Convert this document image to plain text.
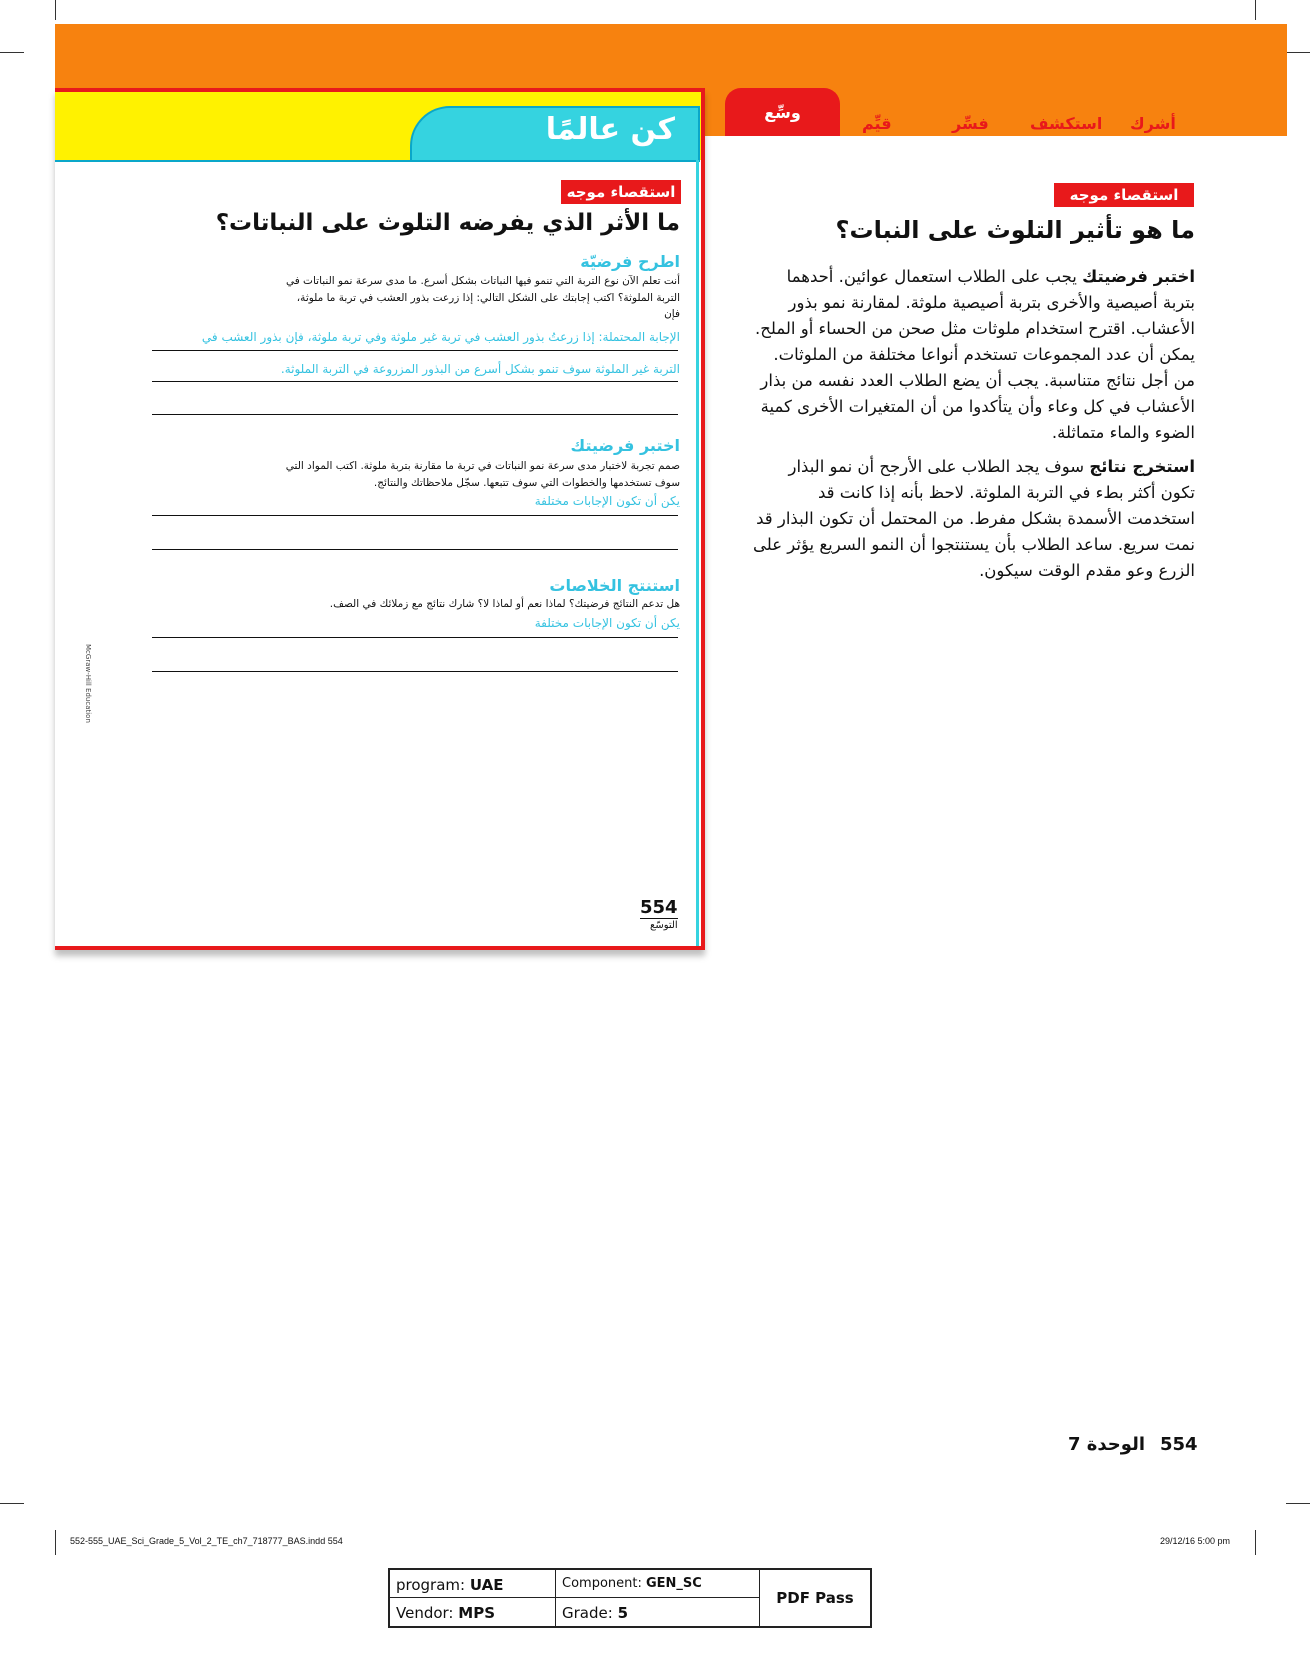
وسِّع
قيِّم	فسِّر	استكشف أشرك
كن عالمًا
استقصاء موجه
ما الأثر الذي يفرضه التلوث على النباتات؟
اطرح فرضيّة
أنت تعلم الآن نوع التربة التي تنمو فيها النباتات بشكل أسرع. ما مدى سرعة نمو النباتات في
التربة الملوثة؟ اكتب إجابتك على الشكل التالي: إذا زرعت بذور العشب في تربة ما ملوثة،
فإن
الإجابة المحتملة: إذا زرعتُ بذور العشب في تربة غير ملوثة وفي تربة ملوثة، فإن بذور العشب في
التربة غير الملوثة سوف تنمو بشكل أسرع من البذور المزروعة في التربة الملوثة.
اختبر فرضيتك
صمم تجربة لاختبار مدى سرعة نمو النباتات في تربة ما مقارنة بتربة ملوثة. اكتب المواد التي
سوف تستخدمها والخطوات التي سوف تتبعها. سجّل ملاحظاتك والنتائج.
يكن أن تكون الإجابات مختلفة
استنتج الخلاصات
هل تدعم النتائج فرضيتك؟ لماذا نعم أو لماذا لا؟ شارك نتائج مع زملائك في الصف.
يكن أن تكون الإجابات مختلفة
554
التوسّع
McGraw-Hill Education
استقصاء موجه
ما هو تأثير التلوث على النبات؟

اختبر فرضيتك يجب على الطلاب استعمال عوائين. أحدهما بتربة أصيصية والأخرى بتربة أصيصية ملوثة. لمقارنة نمو بذور الأعشاب. اقترح استخدام ملوثات مثل صحن من الحساء أو الملح. يمكن أن عدد المجموعات تستخدم أنواعا مختلفة من الملوثات. من أجل نتائج متناسبة. يجب أن يضع الطلاب العدد نفسه من بذار الأعشاب في كل وعاء وأن يتأكدوا من أن المتغيرات الأخرى كمية الضوء والماء متماثلة.

استخرج نتائج سوف يجد الطلاب على الأرجح أن نمو البذار تكون أكثر بطء في التربة الملوثة. لاحظ بأنه إذا كانت قد استخدمت الأسمدة بشكل مفرط. من المحتمل أن تكون البذار قد نمت سريع. ساعد الطلاب بأن يستنتجوا أن النمو السريع يؤثر على الزرع وعو مقدم الوقت سيكون.

554
الوحدة 7
552-555_UAE_Sci_Grade_5_Vol_2_TE_ch7_718777_BAS.indd 554	29/12/16 5:00 pm
program: UAE	Component: GEN_SC
Vendor: MPS	Grade: 5
PDF Pass
